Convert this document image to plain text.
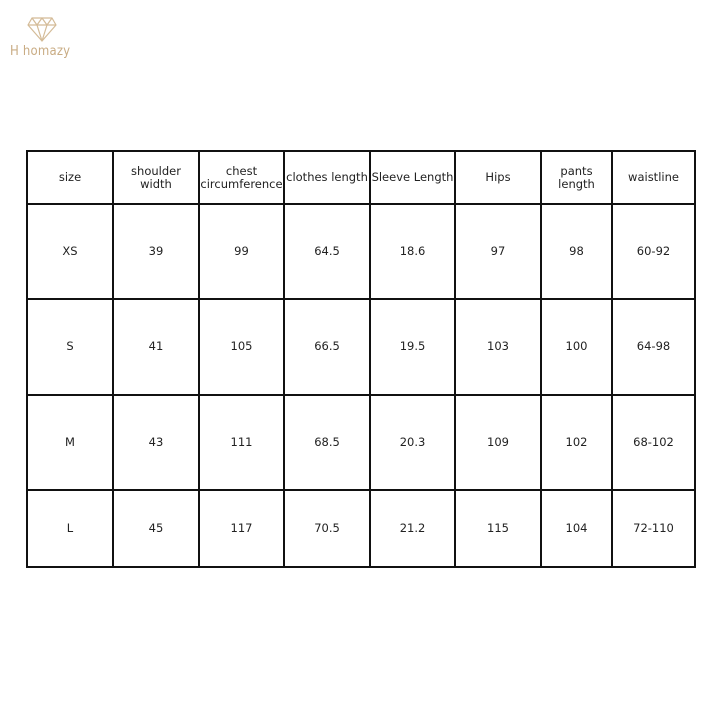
H homazy
size	shoulder width	chest circumference	clothes length	Sleeve Length	Hips	pants length	waistline
XS	39	99	64.5	18.6	97	98	60-92
S	41	105	66.5	19.5	103	100	64-98
M	43	111	68.5	20.3	109	102	68-102
L	45	117	70.5	21.2	115	104	72-110
